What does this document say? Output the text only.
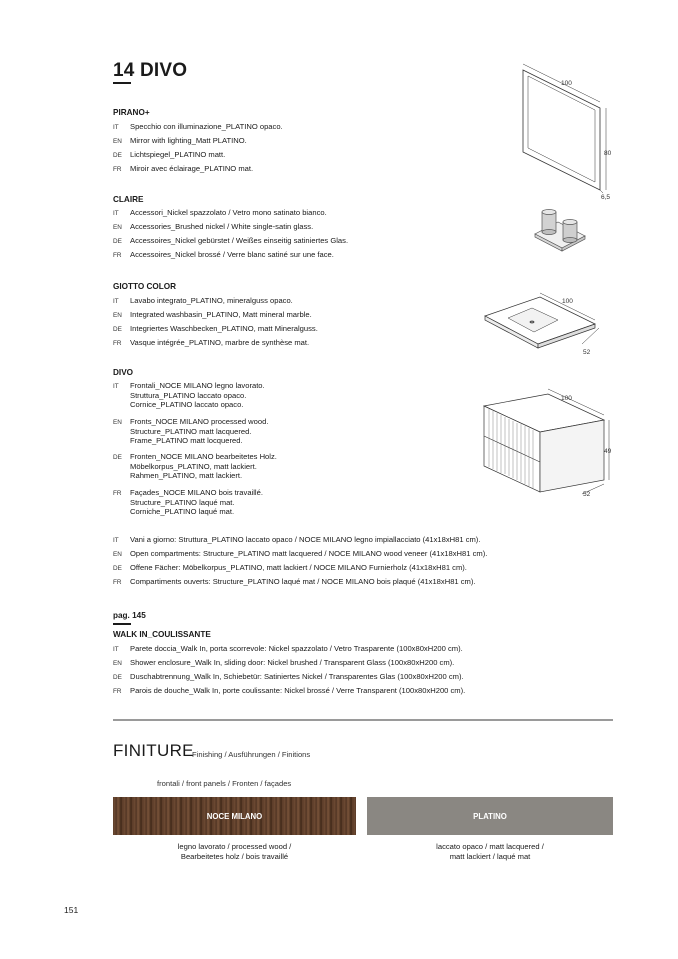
14 DIVO
PIRANO+
IT	Specchio con illuminazione_PLATINO opaco.
EN	Mirror with lighting_Matt PLATINO.
DE	Lichtspiegel_PLATINO matt.
FR	Miroir avec éclairage_PLATINO mat.
CLAIRE
IT	Accessori_Nickel spazzolato / Vetro mono satinato bianco.
EN	Accessories_Brushed nickel / White single-satin glass.
DE	Accessoires_Nickel gebürstet / Weißes einseitig satiniertes Glas.
FR	Accessoires_Nickel brossé / Verre blanc satiné sur une face.
GIOTTO COLOR
IT	Lavabo integrato_PLATINO, mineralguss opaco.
EN	Integrated washbasin_PLATINO, Matt mineral marble.
DE	Integriertes Waschbecken_PLATINO, matt Mineralguss.
FR	Vasque intégrée_PLATINO, marbre de synthèse mat.
DIVO
IT	Frontali_NOCE MILANO legno lavorato.
Struttura_PLATINO laccato opaco.
Cornice_PLATINO laccato opaco.
EN	Fronts_NOCE MILANO processed wood.
Structure_PLATINO matt lacquered.
Frame_PLATINO matt locquered.
DE	Fronten_NOCE MILANO bearbeitetes Holz.
Möbelkorpus_PLATINO, matt lackiert.
Rahmen_PLATINO, matt lackiert.
FR	Façades_NOCE MILANO bois travaillé.
Structure_PLATINO laqué mat.
Corniche_PLATINO laqué mat.
IT	Vani a giorno: Struttura_PLATINO laccato opaco / NOCE MILANO legno impiallacciato (41x18xH81 cm).
EN	Open compartments: Structure_PLATINO matt lacquered / NOCE MILANO wood veneer (41x18xH81 cm).
DE	Offene Fächer: Möbelkorpus_PLATINO, matt lackiert / NOCE MILANO Furnierholz (41x18xH81 cm).
FR	Compartiments ouverts: Structure_PLATINO laqué mat / NOCE MILANO bois plaqué (41x18xH81 cm).
pag. 145
WALK IN_COULISSANTE
IT	Parete doccia_Walk In, porta scorrevole: Nickel spazzolato / Vetro Trasparente (100x80xH200 cm).
EN	Shower enclosure_Walk In, sliding door: Nickel brushed / Transparent Glass (100x80xH200 cm).
DE	Duschabtrennung_Walk In, Schiebetür: Satiniertes Nickel / Transparentes Glas (100x80xH200 cm).
FR	Parois de douche_Walk In, porte coulissante: Nickel brossé / Verre Transparent (100x80xH200 cm).
100
80
6,5
100
52
100
49
52
FINITURE
Finishing / Ausführungen / Finitions
frontali / front panels / Fronten / façades
NOCE MILANO	PLATINO
legno lavorato / processed wood /
Bearbeitetes holz / bois travaillé
laccato opaco / matt lacquered /
matt lackiert / laqué mat
151
